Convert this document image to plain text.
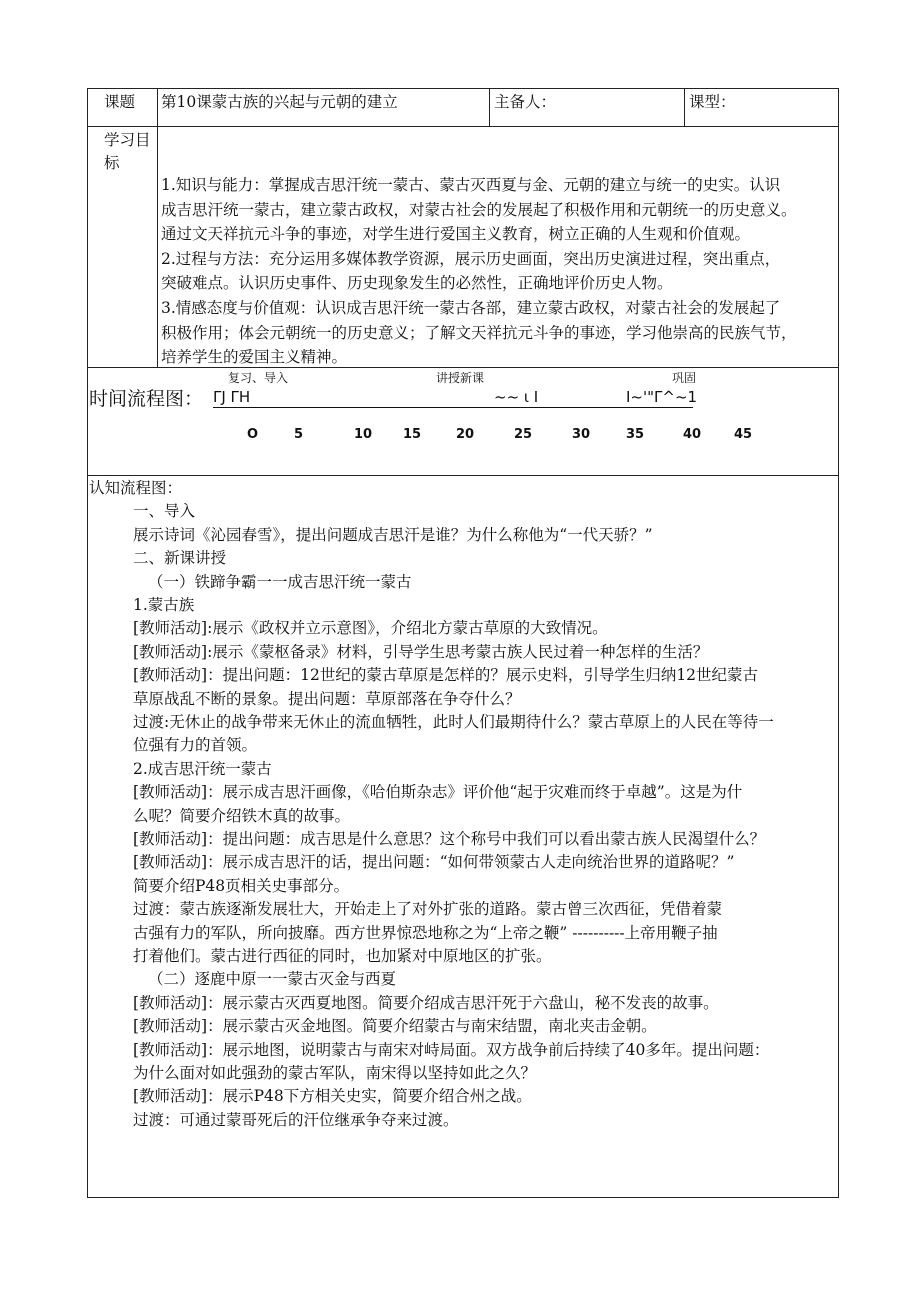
课题 第10课蒙古族的兴起与元朝的建立	主备人：	课型：
学习目
标
1.知识与能力：掌握成吉思汗统一蒙古、蒙古灭西夏与金、元朝的建立与统一的史实。认识
成吉思汗统一蒙古，建立蒙古政权，对蒙古社会的发展起了积极作用和元朝统一的历史意义。
通过文天祥抗元斗争的事迹，对学生进行爱国主义教育，树立正确的人生观和价值观。
2.过程与方法：充分运用多媒体教学资源，展示历史画面，突出历史演进过程，突出重点，
突破难点。认识历史事件、历史现象发生的必然性，正确地评价历史人物。
3.情感态度与价值观：认识成吉思汗统一蒙古各部，建立蒙古政权，对蒙古社会的发展起了
积极作用；体会元朝统一的历史意义；了解文天祥抗元斗争的事迹，学习他崇高的民族气节，
培养学生的爱国主义精神。
复习、导入	讲授新课	巩固
时间流程图： ΓJ ΓH	~~ ι I	I~'"Γ^~1
O	5	10 15	20	25	30	35	40	45
认知流程图：
一、导入
展示诗词《沁园春雪》，提出问题成吉思汗是谁？为什么称他为“一代天骄？”
二、新课讲授
（一）铁蹄争霸一一成吉思汗统一蒙古
1.蒙古族
[教师活动]:展示《政权并立示意图》，介绍北方蒙古草原的大致情况。
[教师活动]:展示《蒙枢备录》材料，引导学生思考蒙古族人民过着一种怎样的生活？
[教师活动]：提出问题：12世纪的蒙古草原是怎样的？展示史料，引导学生归纳12世纪蒙古
草原战乱不断的景象。提出问题：草原部落在争夺什么？
过渡:无休止的战争带来无休止的流血牺牲，此时人们最期待什么？蒙古草原上的人民在等待一
位强有力的首领。
2.成吉思汗统一蒙古
[教师活动]：展示成吉思汗画像，《哈伯斯杂志》评价他“起于灾难而终于卓越”。这是为什
么呢？简要介绍铁木真的故事。
[教师活动]：提出问题：成吉思是什么意思？这个称号中我们可以看出蒙古族人民渴望什么？
[教师活动]：展示成吉思汗的话，提出问题：“如何带领蒙古人走向统治世界的道路呢？”
简要介绍P48页相关史事部分。
过渡：蒙古族逐渐发展壮大，开始走上了对外扩张的道路。蒙古曾三次西征，凭借着蒙
古强有力的军队，所向披靡。西方世界惊恐地称之为“上帝之鞭” ----------上帝用鞭子抽
打着他们。蒙古进行西征的同时，也加紧对中原地区的扩张。
（二）逐鹿中原一一蒙古灭金与西夏
[教师活动]：展示蒙古灭西夏地图。简要介绍成吉思汗死于六盘山，秘不发丧的故事。
[教师活动]：展示蒙古灭金地图。简要介绍蒙古与南宋结盟，南北夹击金朝。
[教师活动]：展示地图，说明蒙古与南宋对峙局面。双方战争前后持续了40多年。提出问题：
为什么面对如此强劲的蒙古军队，南宋得以坚持如此之久？
[教师活动]：展示P48下方相关史实，简要介绍合州之战。
过渡：可通过蒙哥死后的汗位继承争夺来过渡。
